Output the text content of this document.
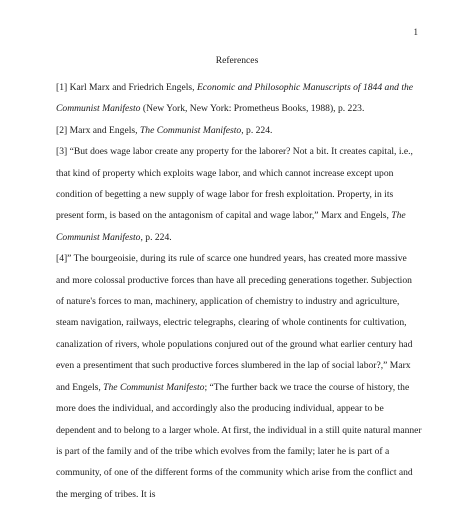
1
References

[1] Karl Marx and Friedrich Engels, Economic and Philosophic Manuscripts of 1844 and the Communist Manifesto (New York, New York: Prometheus Books, 1988), p. 223.

[2] Marx and Engels, The Communist Manifesto, p. 224.

[3] “But does wage labor create any property for the laborer? Not a bit. It creates capital, i.e., that kind of property which exploits wage labor, and which cannot increase except upon condition of begetting a new supply of wage labor for fresh exploitation. Property, in its present form, is based on the antagonism of capital and wage labor,” Marx and Engels, The Communist Manifesto, p. 224.

[4]” The bourgeoisie, during its rule of scarce one hundred years, has created more massive and more colossal productive forces than have all preceding generations together. Subjection of nature's forces to man, machinery, application of chemistry to industry and agriculture, steam navigation, railways, electric telegraphs, clearing of whole continents for cultivation, canalization of rivers, whole populations conjured out of the ground what earlier century had even a presentiment that such productive forces slumbered in the lap of social labor?,” Marx and Engels, The Communist Manifesto; “The further back we trace the course of history, the more does the individual, and accordingly also the producing individual, appear to be dependent and to belong to a larger whole. At first, the individual in a still quite natural manner is part of the family and of the tribe which evolves from the family; later he is part of a community, of one of the different forms of the community which arise from the conflict and the merging of tribes. It is
